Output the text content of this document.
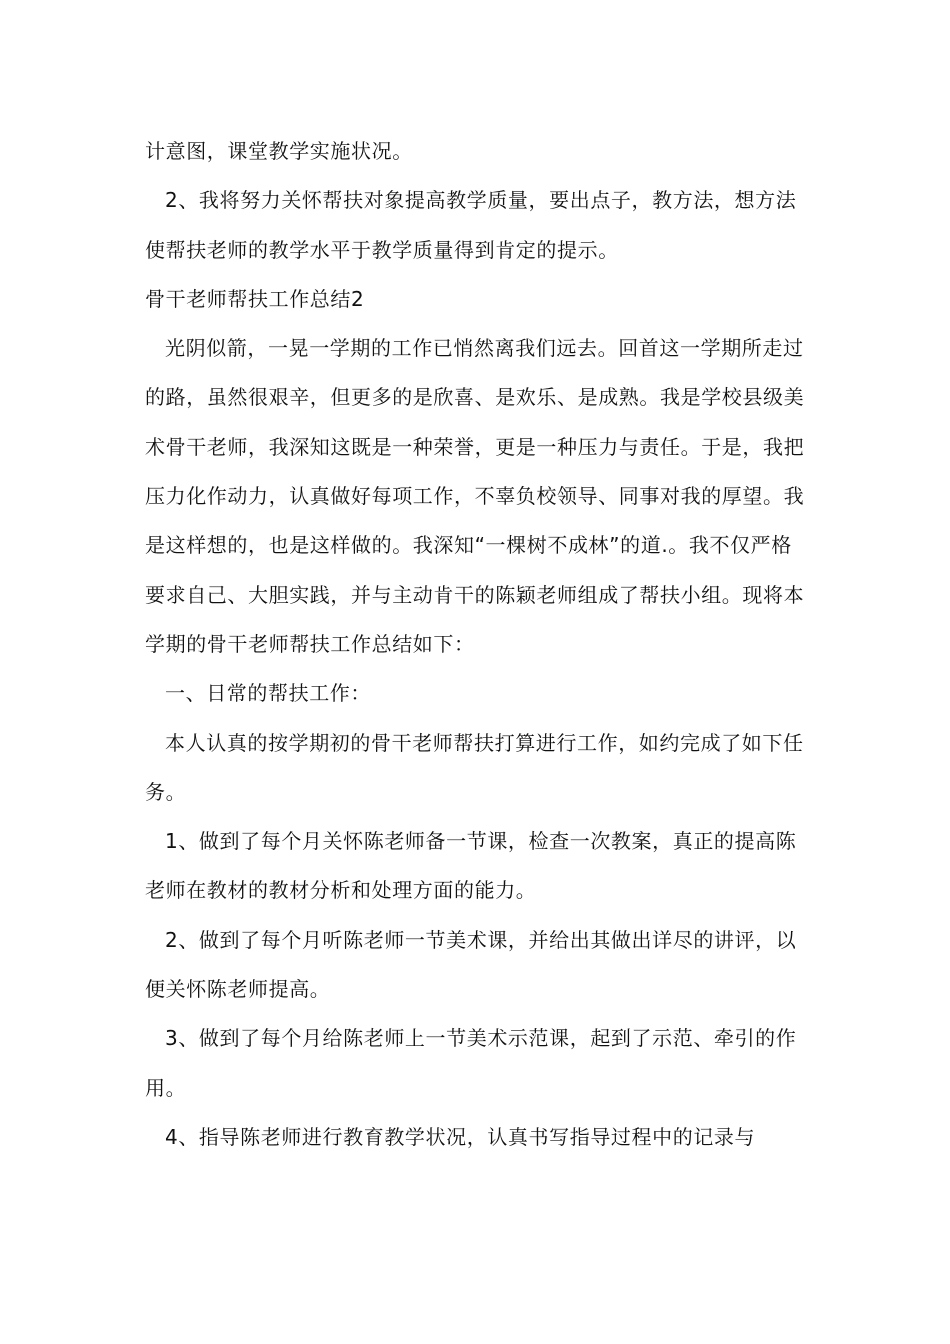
计意图，课堂教学实施状况。

2、我将努力关怀帮扶对象提高教学质量，要出点子，教方法，想方法使帮扶老师的教学水平于教学质量得到肯定的提示。

骨干老师帮扶工作总结2

光阴似箭，一晃一学期的工作已悄然离我们远去。回首这一学期所走过的路，虽然很艰辛，但更多的是欣喜、是欢乐、是成熟。我是学校县级美术骨干老师，我深知这既是一种荣誉，更是一种压力与责任。于是，我把压力化作动力，认真做好每项工作，不辜负校领导、同事对我的厚望。我是这样想的，也是这样做的。我深知“一棵树不成林”的道.。我不仅严格要求自己、大胆实践，并与主动肯干的陈颖老师组成了帮扶小组。现将本学期的骨干老师帮扶工作总结如下：

一、日常的帮扶工作：

本人认真的按学期初的骨干老师帮扶打算进行工作，如约完成了如下任务。

1、做到了每个月关怀陈老师备一节课，检查一次教案，真正的提高陈老师在教材的教材分析和处理方面的能力。

2、做到了每个月听陈老师一节美术课，并给出其做出详尽的讲评，以便关怀陈老师提高。

3、做到了每个月给陈老师上一节美术示范课，起到了示范、牵引的作用。

4、指导陈老师进行教育教学状况，认真书写指导过程中的记录与
